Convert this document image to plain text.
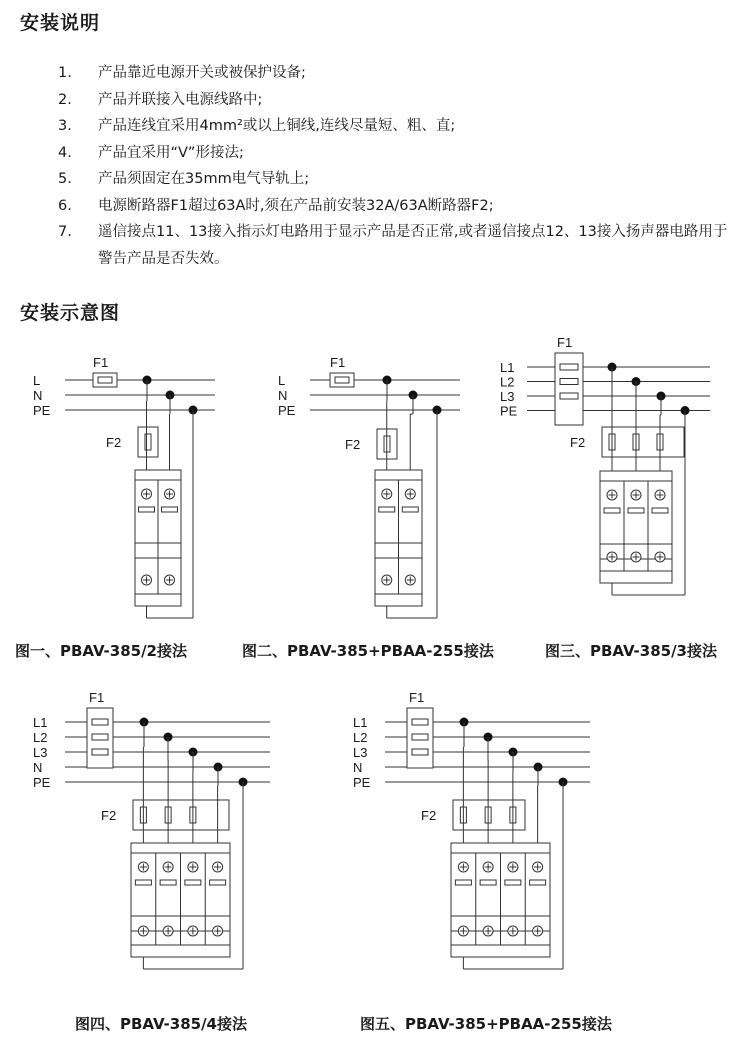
安装说明
1.	产品靠近电源开关或被保护设备;
2.	产品并联接入电源线路中;
3.	产品连线宜采用4mm²或以上铜线,连线尽量短、粗、直;
4.	产品宜采用“V”形接法;
5.	产品须固定在35mm电气导轨上;
6.	电源断路器F1超过63A时,须在产品前安装32A/63A断路器F2;
7.	遥信接点11、13接入指示灯电路用于显示产品是否正常,或者遥信接点12、13接入扬声器电路用于警告产品是否失效。
安装示意图
L
N
PE
F1
F2
L
N
PE
F1
F2
L1
L2
L3
PE
F1
F2
L1
L2
L3
N
PE
F1
F2
L1
L2
L3
N
PE
F1
F2
图一、PBAV-385/2接法	图二、PBAV-385+PBAA-255接法	图三、PBAV-385/3接法
图四、PBAV-385/4接法	图五、PBAV-385+PBAA-255接法
